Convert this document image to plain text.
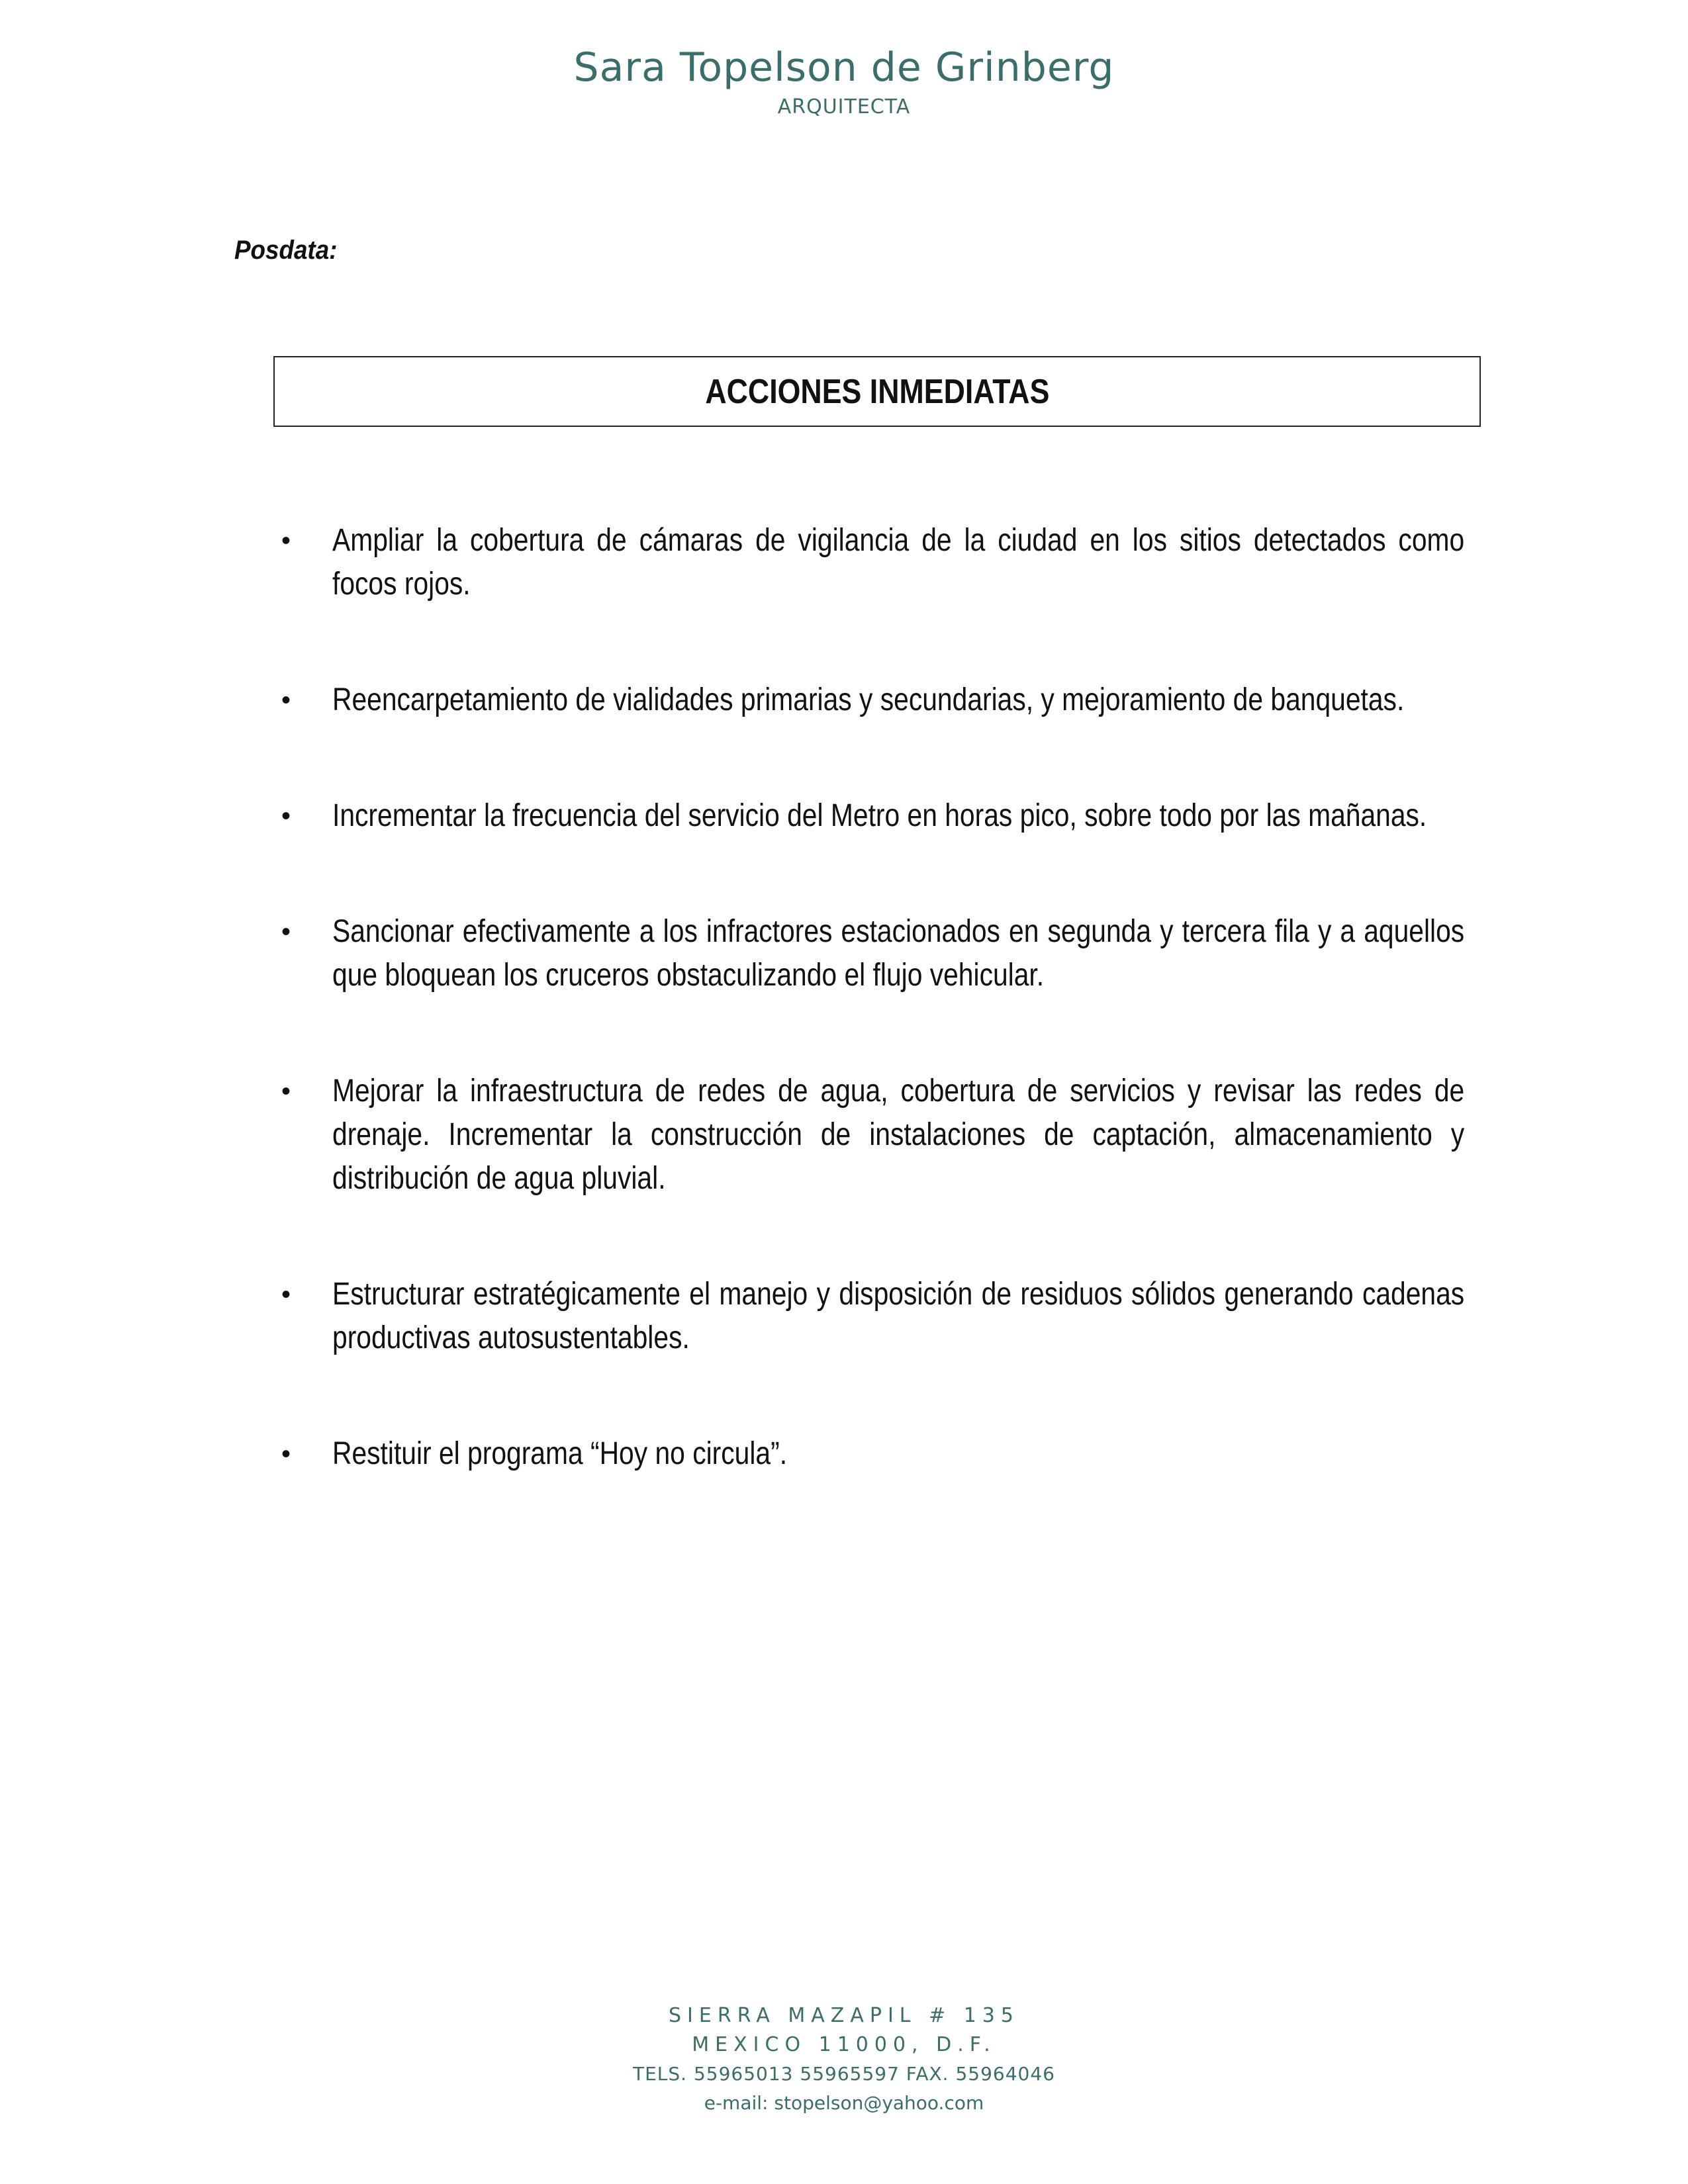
Sara Topelson de Grinberg
ARQUITECTA
Posdata:
ACCIONES INMEDIATAS
•	Ampliar la cobertura de cámaras de vigilancia de la ciudad en los sitios detectados como focos rojos.
•	Reencarpetamiento de vialidades primarias y secundarias, y mejoramiento de banquetas.
•	Incrementar la frecuencia del servicio del Metro en horas pico, sobre todo por las mañanas.
•	Sancionar efectivamente a los infractores estacionados en segunda y tercera fila y a aquellos que bloquean los cruceros obstaculizando el flujo vehicular.
•	Mejorar la infraestructura de redes de agua, cobertura de servicios y revisar las redes de drenaje. Incrementar la construcción de instalaciones de captación, almacenamiento y distribución de agua pluvial.
•	Estructurar estratégicamente el manejo y disposición de residuos sólidos generando cadenas productivas autosustentables.
•	Restituir el programa “Hoy no circula”.
SIERRA MAZAPIL # 135
MEXICO 11000, D.F.
TELS. 55965013 55965597 FAX. 55964046
e-mail: stopelson@yahoo.com
